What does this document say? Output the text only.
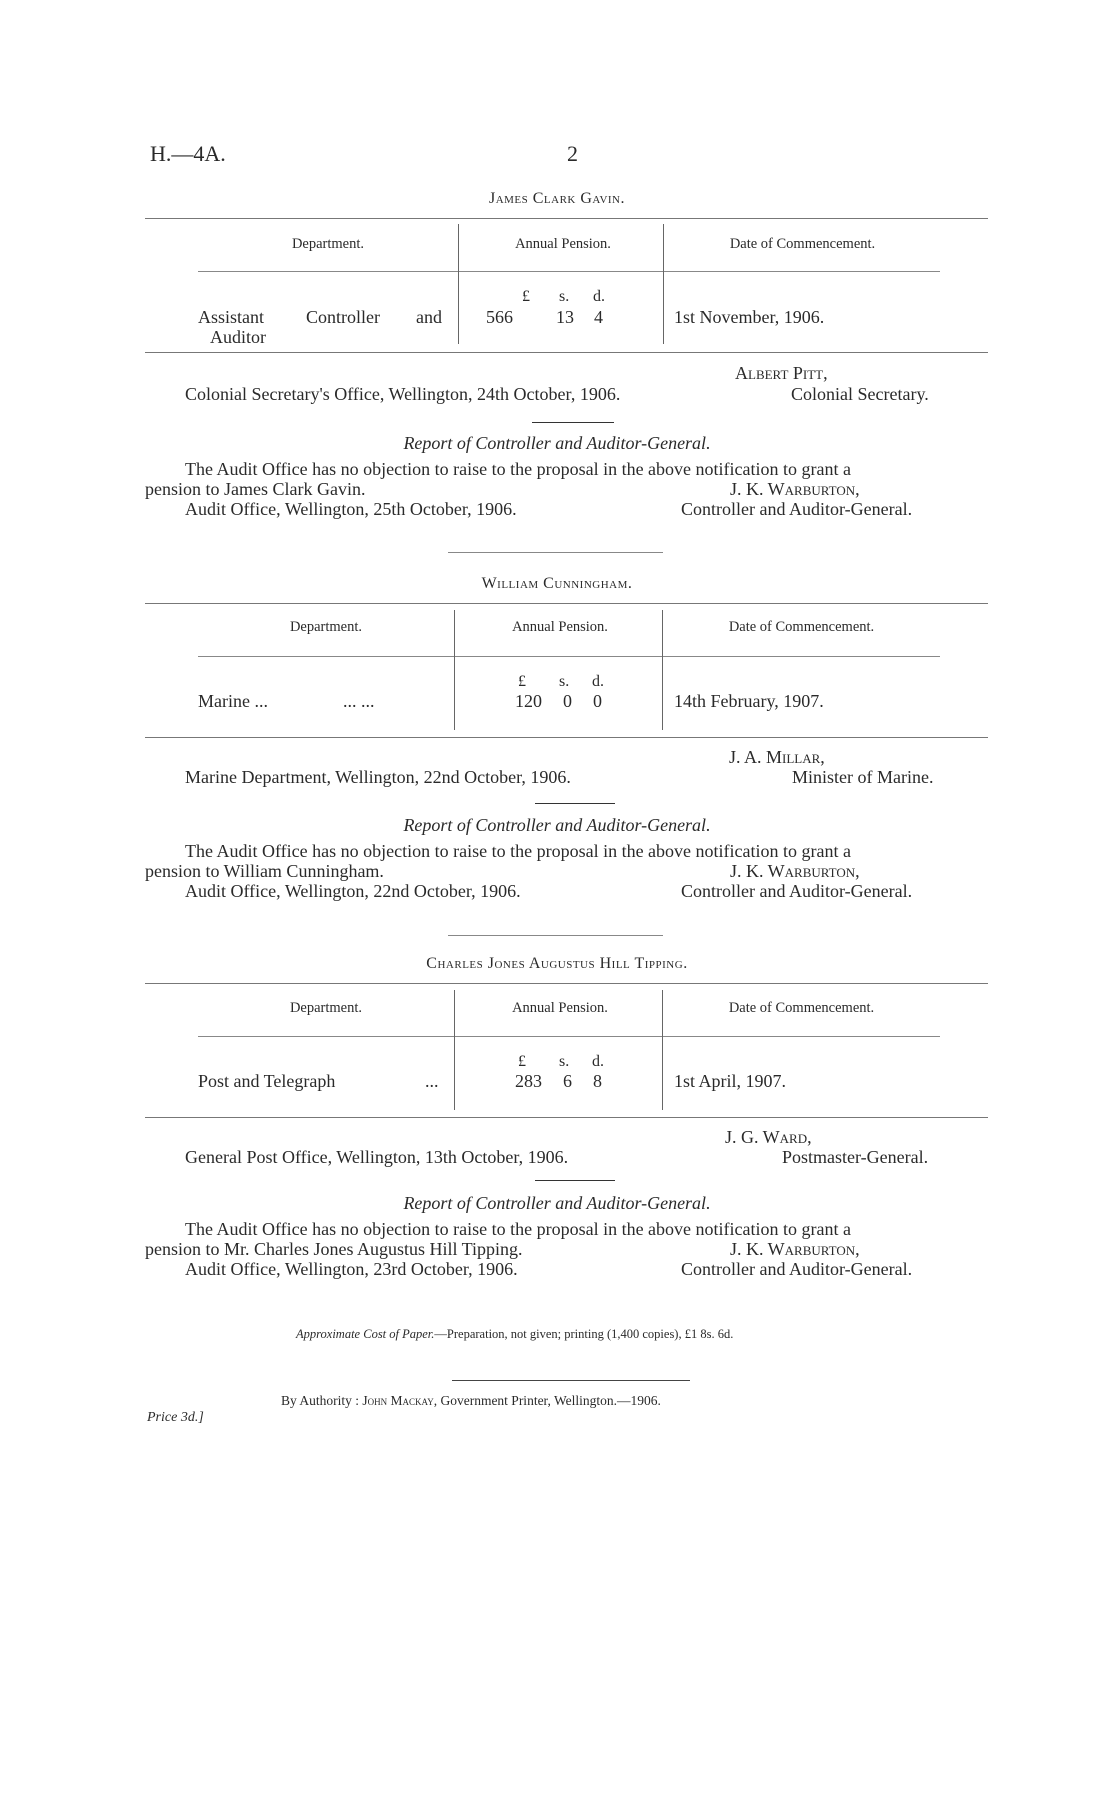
H.—4A.	2
James Clark Gavin.
Department.	Annual Pension.	Date of Commencement.
£ s. d.
Assistant Controller and
Auditor
566 13 4	1st November, 1906.
Albert Pitt,
Colonial Secretary's Office, Wellington, 24th October, 1906.	Colonial Secretary.
Report of Controller and Auditor-General.
The Audit Office has no objection to raise to the proposal in the above notification to grant a
pension to James Clark Gavin.	J. K. Warburton,
Audit Office, Wellington, 25th October, 1906.	Controller and Auditor-General.
William Cunningham.
Department.	Annual Pension.	Date of Commencement.
£ s. d.
Marine ...	... ...	120 0 0	14th February, 1907.
J. A. Millar,
Marine Department, Wellington, 22nd October, 1906.	Minister of Marine.
Report of Controller and Auditor-General.
The Audit Office has no objection to raise to the proposal in the above notification to grant a
pension to William Cunningham.	J. K. Warburton,
Audit Office, Wellington, 22nd October, 1906.	Controller and Auditor-General.
Charles Jones Augustus Hill Tipping.
Department.	Annual Pension.	Date of Commencement.
£ s. d.
Post and Telegraph	...	283 6 8	1st April, 1907.
J. G. Ward,
General Post Office, Wellington, 13th October, 1906.	Postmaster-General.
Report of Controller and Auditor-General.
The Audit Office has no objection to raise to the proposal in the above notification to grant a
pension to Mr. Charles Jones Augustus Hill Tipping.	J. K. Warburton,
Audit Office, Wellington, 23rd October, 1906.	Controller and Auditor-General.
Approximate Cost of Paper.—Preparation, not given; printing (1,400 copies), £1 8s. 6d.
By Authority : John Mackay, Government Printer, Wellington.—1906.
Price 3d.]
